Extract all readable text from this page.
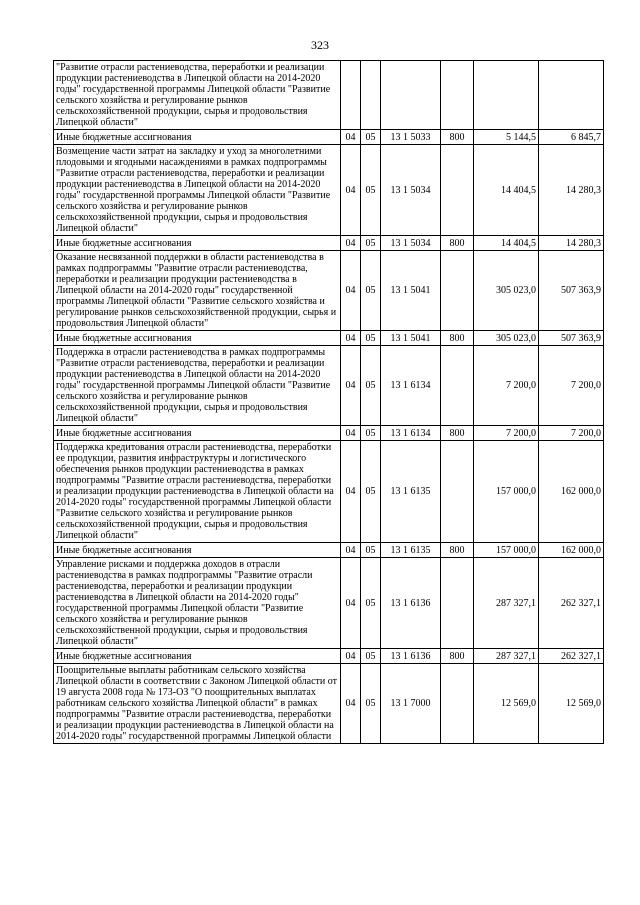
323
"Развитие отрасли растениеводства, переработки и реализации продукции растениеводства в Липецкой области на 2014-2020 годы" государственной программы Липецкой области "Развитие сельского хозяйства и регулирование рынков сельскохозяйственной продукции, сырья и продовольствия Липецкой области"						
Иные бюджетные ассигнования	04	05	13 1 5033	800	5 144,5	6 845,7
Возмещение части затрат на закладку и уход за многолетними плодовыми и ягодными насаждениями в рамках подпрограммы "Развитие отрасли растениеводства, переработки и реализации продукции растениеводства в Липецкой области на 2014-2020 годы" государственной программы Липецкой области "Развитие сельского хозяйства и регулирование рынков сельскохозяйственной продукции, сырья и продовольствия Липецкой области"	04	05	13 1 5034		14 404,5	14 280,3
Иные бюджетные ассигнования	04	05	13 1 5034	800	14 404,5	14 280,3
Оказание несвязанной поддержки в области растениеводства в рамках подпрограммы "Развитие отрасли растениеводства, переработки и реализации продукции растениеводства в Липецкой области на 2014-2020 годы" государственной программы Липецкой области "Развитие сельского хозяйства и регулирование рынков сельскохозяйственной продукции, сырья и продовольствия Липецкой области"	04	05	13 1 5041		305 023,0	507 363,9
Иные бюджетные ассигнования	04	05	13 1 5041	800	305 023,0	507 363,9
Поддержка в отрасли растениеводства в рамках подпрограммы "Развитие отрасли растениеводства, переработки и реализации продукции растениеводства в Липецкой области на 2014-2020 годы" государственной программы Липецкой области "Развитие сельского хозяйства и регулирование рынков сельскохозяйственной продукции, сырья и продовольствия Липецкой области"	04	05	13 1 6134		7 200,0	7 200,0
Иные бюджетные ассигнования	04	05	13 1 6134	800	7 200,0	7 200,0
Поддержка кредитования отрасли растениеводства, переработки ее продукции, развития инфраструктуры и логистического обеспечения рынков продукции растениеводства в рамках подпрограммы "Развитие отрасли растениеводства, переработки и реализации продукции растениеводства в Липецкой области на 2014-2020 годы" государственной программы Липецкой области "Развитие сельского хозяйства и регулирование рынков сельскохозяйственной продукции, сырья и продовольствия Липецкой области"	04	05	13 1 6135		157 000,0	162 000,0
Иные бюджетные ассигнования	04	05	13 1 6135	800	157 000,0	162 000,0
Управление рисками и поддержка доходов в отрасли растениеводства в рамках подпрограммы "Развитие отрасли растениеводства, переработки и реализации продукции растениеводства в Липецкой области на 2014-2020 годы" государственной программы Липецкой области "Развитие сельского хозяйства и регулирование рынков сельскохозяйственной продукции, сырья и продовольствия Липецкой области"	04	05	13 1 6136		287 327,1	262 327,1
Иные бюджетные ассигнования	04	05	13 1 6136	800	287 327,1	262 327,1
Поощрительные выплаты работникам сельского хозяйства Липецкой области в соответствии с Законом Липецкой области от 19 августа 2008 года № 173-ОЗ "О поощрительных выплатах работникам сельского хозяйства Липецкой области" в рамках подпрограммы "Развитие отрасли растениеводства, переработки и реализации продукции растениеводства в Липецкой области на 2014-2020 годы" государственной программы Липецкой области	04	05	13 1 7000		12 569,0	12 569,0
